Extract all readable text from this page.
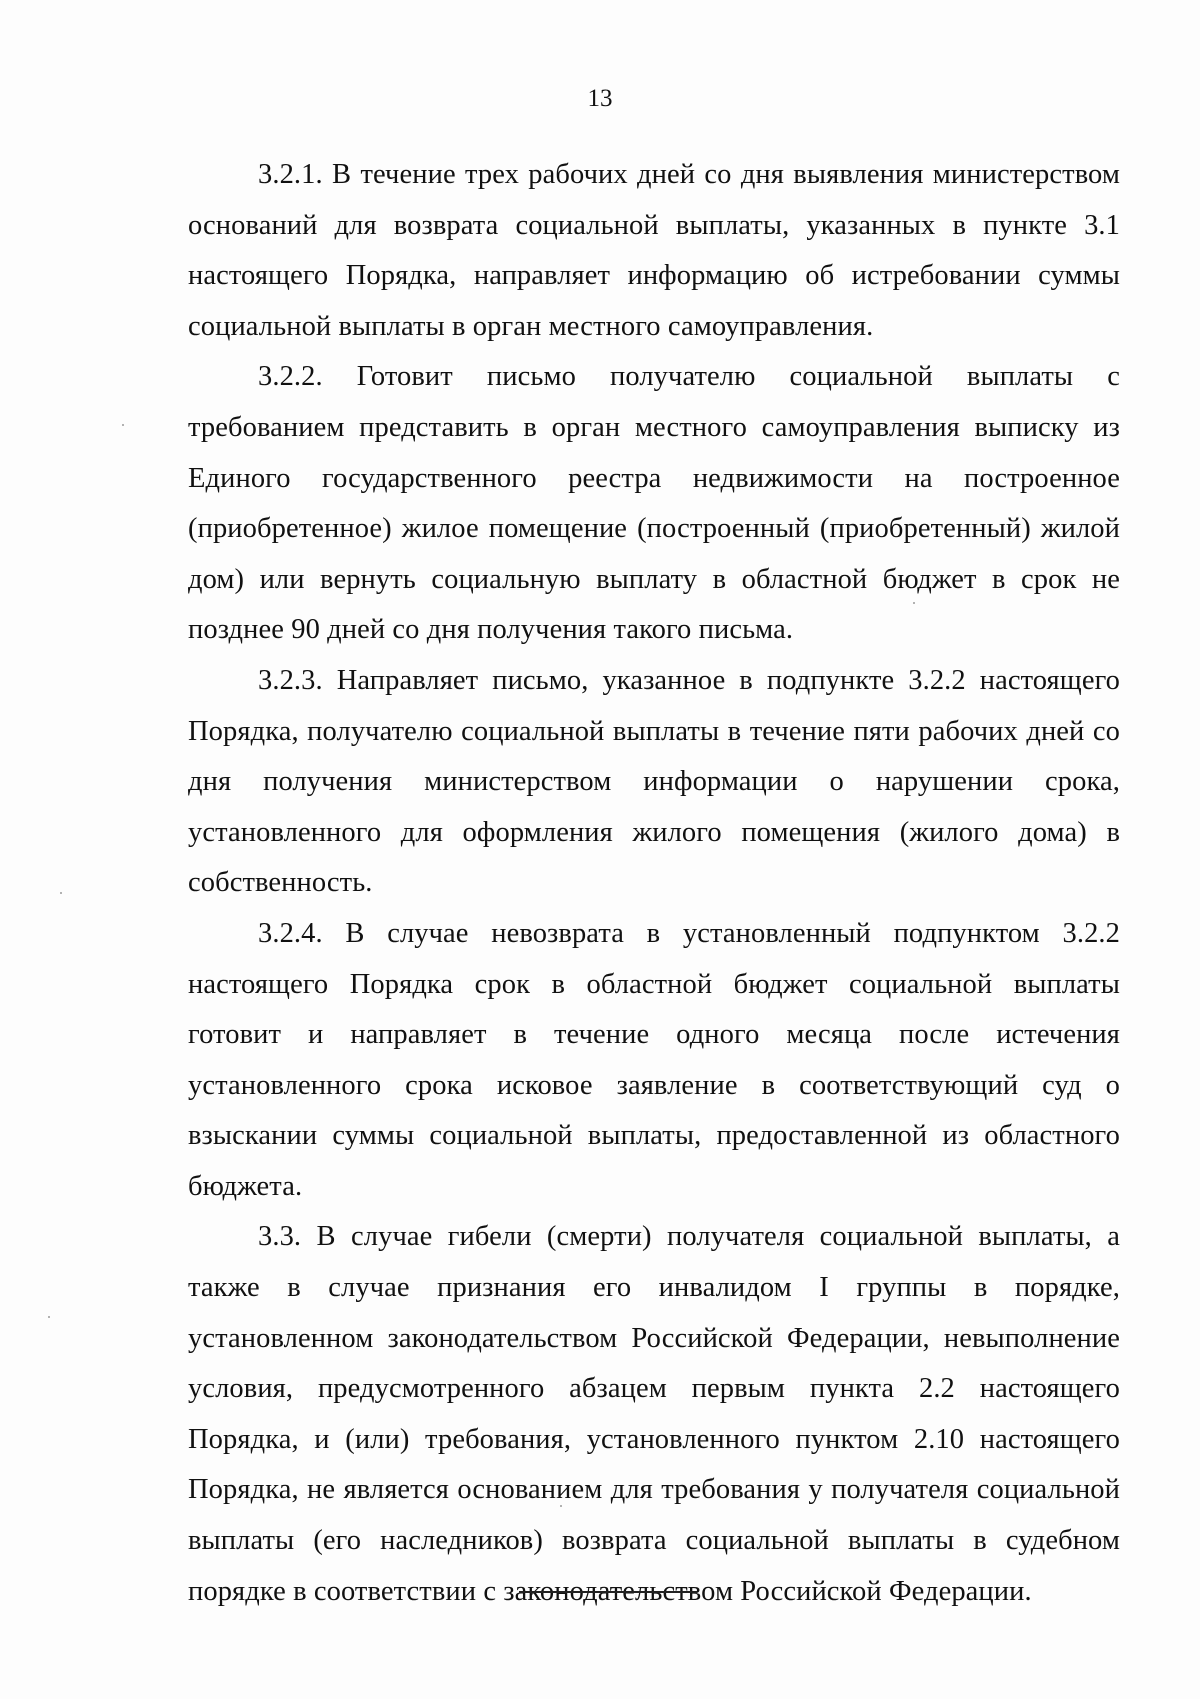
13

3.2.1. В течение трех рабочих дней со дня выявления министерством оснований для возврата социальной выплаты, указанных в пункте 3.1 настоящего Порядка, направляет информацию об истребовании суммы социальной выплаты в орган местного самоуправления.

3.2.2. Готовит письмо получателю социальной выплаты с требованием представить в орган местного самоуправления выписку из Единого государственного реестра недвижимости на построенное (приобретенное) жилое помещение (построенный (приобретенный) жилой дом) или вернуть социальную выплату в областной бюджет в срок не позднее 90 дней со дня получения такого письма.

3.2.3. Направляет письмо, указанное в подпункте 3.2.2 настоящего Порядка, получателю социальной выплаты в течение пяти рабочих дней со дня получения министерством информации о нарушении срока, установленного для оформления жилого помещения (жилого дома) в собственность.

3.2.4. В случае невозврата в установленный подпунктом 3.2.2 настоящего Порядка срок в областной бюджет социальной выплаты готовит и направляет в течение одного месяца после истечения установленного срока исковое заявление в соответствующий суд о взыскании суммы социальной выплаты, предоставленной из областного бюджета.

3.3. В случае гибели (смерти) получателя социальной выплаты, а также в случае признания его инвалидом I группы в порядке, установленном законодательством Российской Федерации, невыполнение условия, предусмотренного абзацем первым пункта 2.2 настоящего Порядка, и (или) требования, установленного пунктом 2.10 настоящего Порядка, не является основанием для требования у получателя социальной выплаты (его наследников) возврата социальной выплаты в судебном порядке в соответствии с законодательством Российской Федерации.
